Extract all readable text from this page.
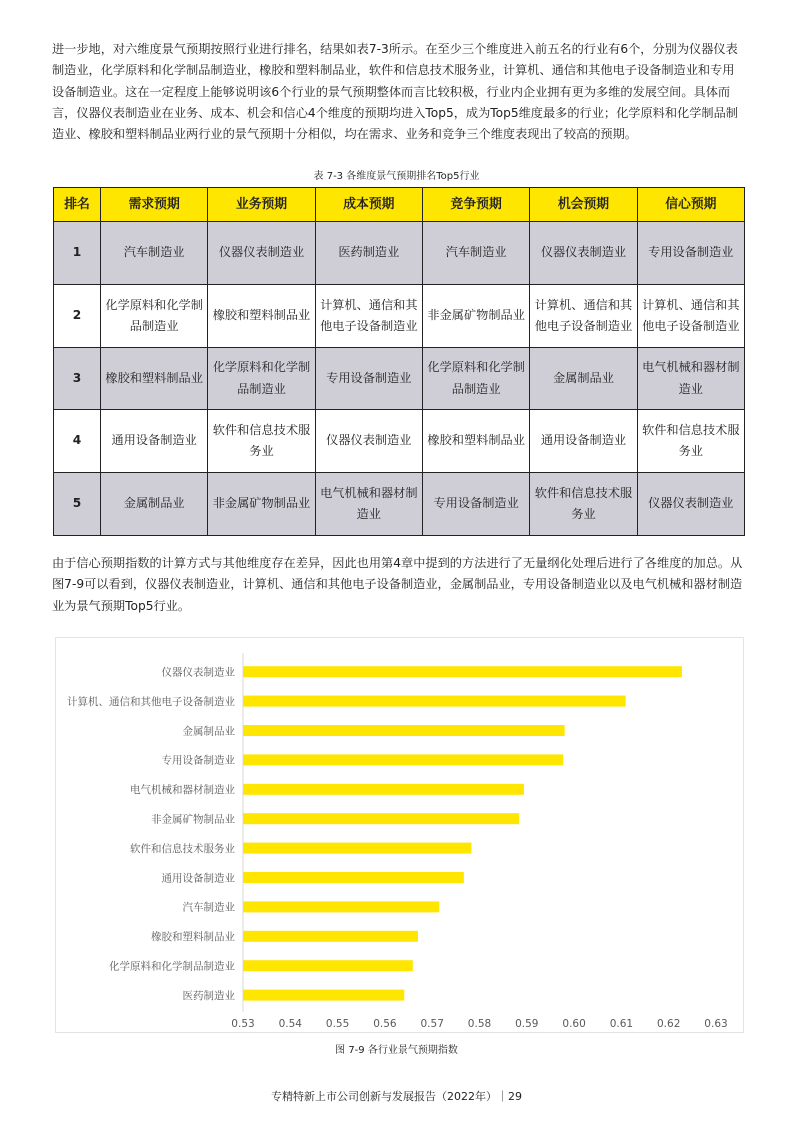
进一步地，对六维度景气预期按照行业进行排名，结果如表7-3所示。在至少三个维度进入前五名的行业有6个，分别为仪器仪表制造业，化学原料和化学制品制造业，橡胶和塑料制品业，软件和信息技术服务业，计算机、通信和其他电子设备制造业和专用设备制造业。这在一定程度上能够说明该6个行业的景气预期整体而言比较积极，行业内企业拥有更为多维的发展空间。具体而言，仪器仪表制造业在业务、成本、机会和信心4个维度的预期均进入Top5，成为Top5维度最多的行业；化学原料和化学制品制造业、橡胶和塑料制品业两行业的景气预期十分相似，均在需求、业务和竞争三个维度表现出了较高的预期。

表 7-3 各维度景气预期排名Top5行业
排名	需求预期	业务预期	成本预期	竞争预期	机会预期	信心预期
1	汽车制造业	仪器仪表制造业	医药制造业	汽车制造业	仪器仪表制造业	专用设备制造业
2	化学原料和化学制品制造业	橡胶和塑料制品业	计算机、通信和其他电子设备制造业	非金属矿物制品业	计算机、通信和其他电子设备制造业	计算机、通信和其他电子设备制造业
3	橡胶和塑料制品业	化学原料和化学制品制造业	专用设备制造业	化学原料和化学制品制造业	金属制品业	电气机械和器材制造业
4	通用设备制造业	软件和信息技术服务业	仪器仪表制造业	橡胶和塑料制品业	通用设备制造业	软件和信息技术服务业
5	金属制品业	非金属矿物制品业	电气机械和器材制造业	专用设备制造业	软件和信息技术服务业	仪器仪表制造业

由于信心预期指数的计算方式与其他维度存在差异，因此也用第4章中提到的方法进行了无量纲化处理后进行了各维度的加总。从图7-9可以看到，仪器仪表制造业，计算机、通信和其他电子设备制造业，金属制品业，专用设备制造业以及电气机械和器材制造业为景气预期Top5行业。

仪器仪表制造业
计算机、通信和其他电子设备制造业
金属制品业
专用设备制造业
电气机械和器材制造业
非金属矿物制品业
软件和信息技术服务业
通用设备制造业
汽车制造业
橡胶和塑料制品业
化学原料和化学制品制造业
医药制造业
0.53 0.54 0.55 0.56 0.57 0.58 0.59 0.60 0.61 0.62 0.63
图 7-9 各行业景气预期指数
专精特新上市公司创新与发展报告（2022年）｜29
